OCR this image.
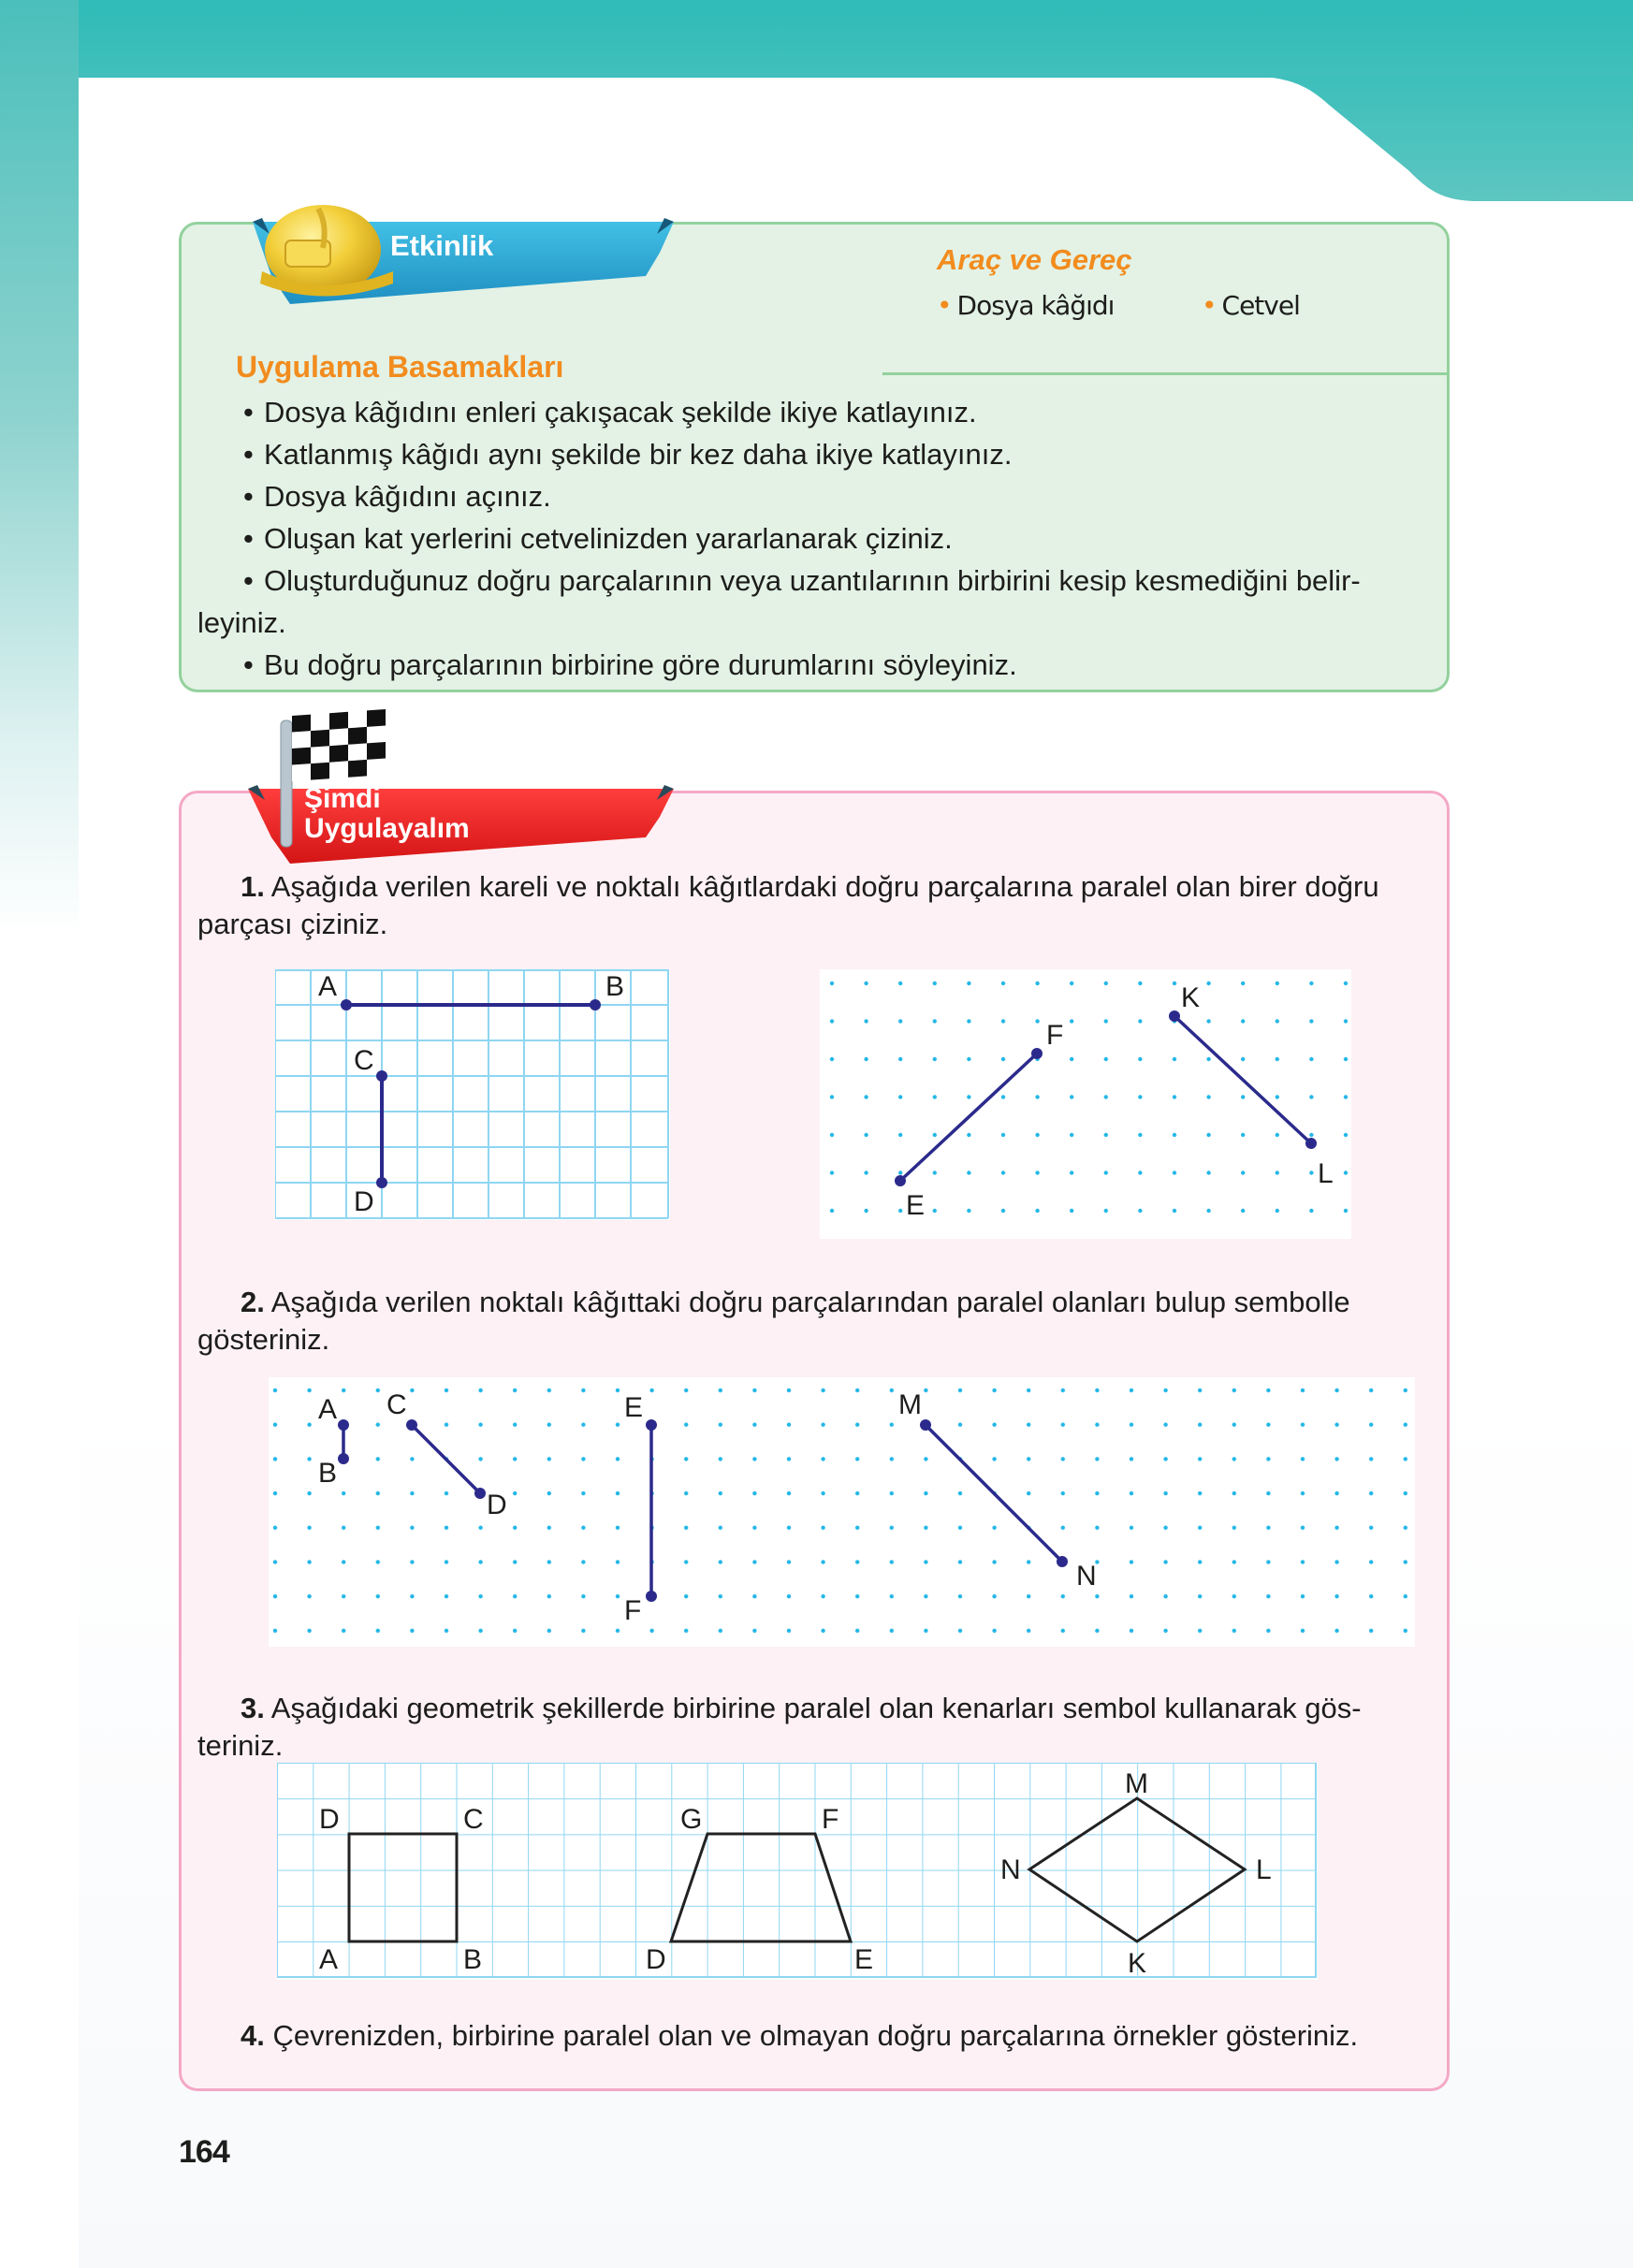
Araç ve Gereç
• Dosya kâğıdı	• Cetvel
Uygulama Basamakları
• Dosya kâğıdını enleri çakışacak şekilde ikiye katlayınız.
• Katlanmış kâğıdı aynı şekilde bir kez daha ikiye katlayınız.
• Dosya kâğıdını açınız.
• Oluşan kat yerlerini cetvelinizden yararlanarak çiziniz.
• Oluşturduğunuz doğru parçalarının veya uzantılarının birbirini kesip kesmediğini belir-
leyiniz.
• Bu doğru parçalarının birbirine göre durumlarını söyleyiniz.
Etkinlik
1. Aşağıda verilen kareli ve noktalı kâğıtlardaki doğru parçalarına paralel olan birer doğru
parçası çiziniz.
2. Aşağıda verilen noktalı kâğıttaki doğru parçalarından paralel olanları bulup sembolle
gösteriniz.
3. Aşağıdaki geometrik şekillerde birbirine paralel olan kenarları sembol kullanarak gös-
teriniz.
4. Çevrenizden, birbirine paralel olan ve olmayan doğru parçalarına örnekler gösteriniz.
Şimdi
Uygulayalım
A	B
C
D	E
F
K
L
A
B
C
D
E
F
M
N
D	C
A	B
G	F
D	E
M
N	L
K
164
